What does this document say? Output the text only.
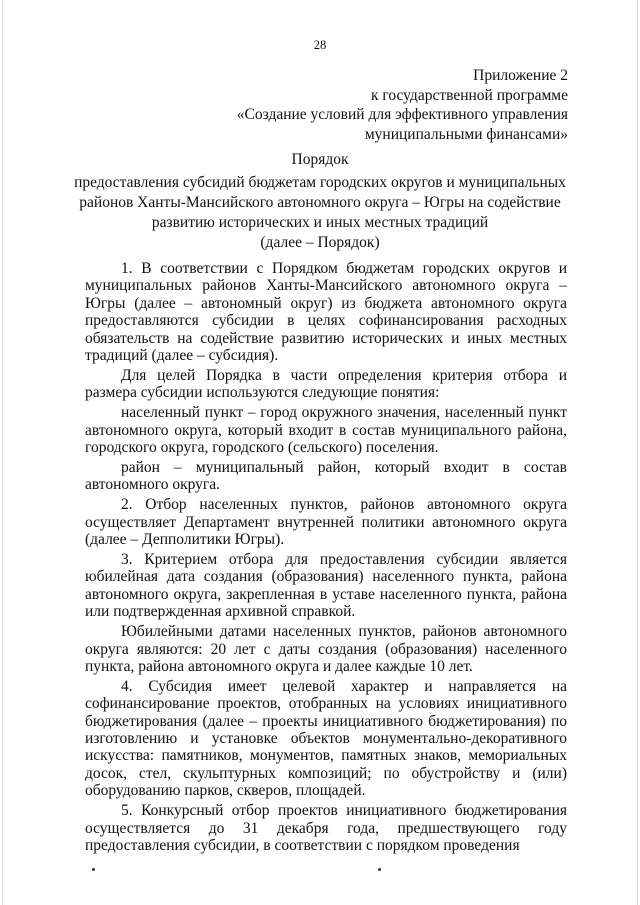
28
Приложение 2
к государственной программе
«Создание условий для эффективного управления
муниципальными финансами»
Порядок
предоставления субсидий бюджетам городских округов и муниципальных
районов Ханты-Мансийского автономного округа – Югры на содействие
развитию исторических и иных местных традиций
(далее – Порядок)

1. В соответствии с Порядком бюджетам городских округов и муниципальных районов Ханты-Мансийского автономного округа – Югры (далее – автономный округ) из бюджета автономного округа предоставляются субсидии в целях софинансирования расходных обязательств на содействие развитию исторических и иных местных традиций (далее – субсидия).

Для целей Порядка в части определения критерия отбора и размера субсидии используются следующие понятия:

населенный пункт – город окружного значения, населенный пункт автономного округа, который входит в состав муниципального района, городского округа, городского (сельского) поселения.

район – муниципальный район, который входит в состав автономного округа.

2. Отбор населенных пунктов, районов автономного округа осуществляет Департамент внутренней политики автономного округа (далее – Депполитики Югры).

3. Критерием отбора для предоставления субсидии является юбилейная дата создания (образования) населенного пункта, района автономного округа, закрепленная в уставе населенного пункта, района или подтвержденная архивной справкой.

Юбилейными датами населенных пунктов, районов автономного округа являются: 20 лет с даты создания (образования) населенного пункта, района автономного округа и далее каждые 10 лет.

4. Субсидия имеет целевой характер и направляется на софинансирование проектов, отобранных на условиях инициативного бюджетирования (далее – проекты инициативного бюджетирования) по изготовлению и установке объектов монументально-декоративного искусства: памятников, монументов, памятных знаков, мемориальных досок, стел, скульптурных композиций; по обустройству и (или) оборудованию парков, скверов, площадей.

5. Конкурсный отбор проектов инициативного бюджетирования осуществляется до 31 декабря года, предшествующего году предоставления субсидии, в соответствии с порядком проведения
